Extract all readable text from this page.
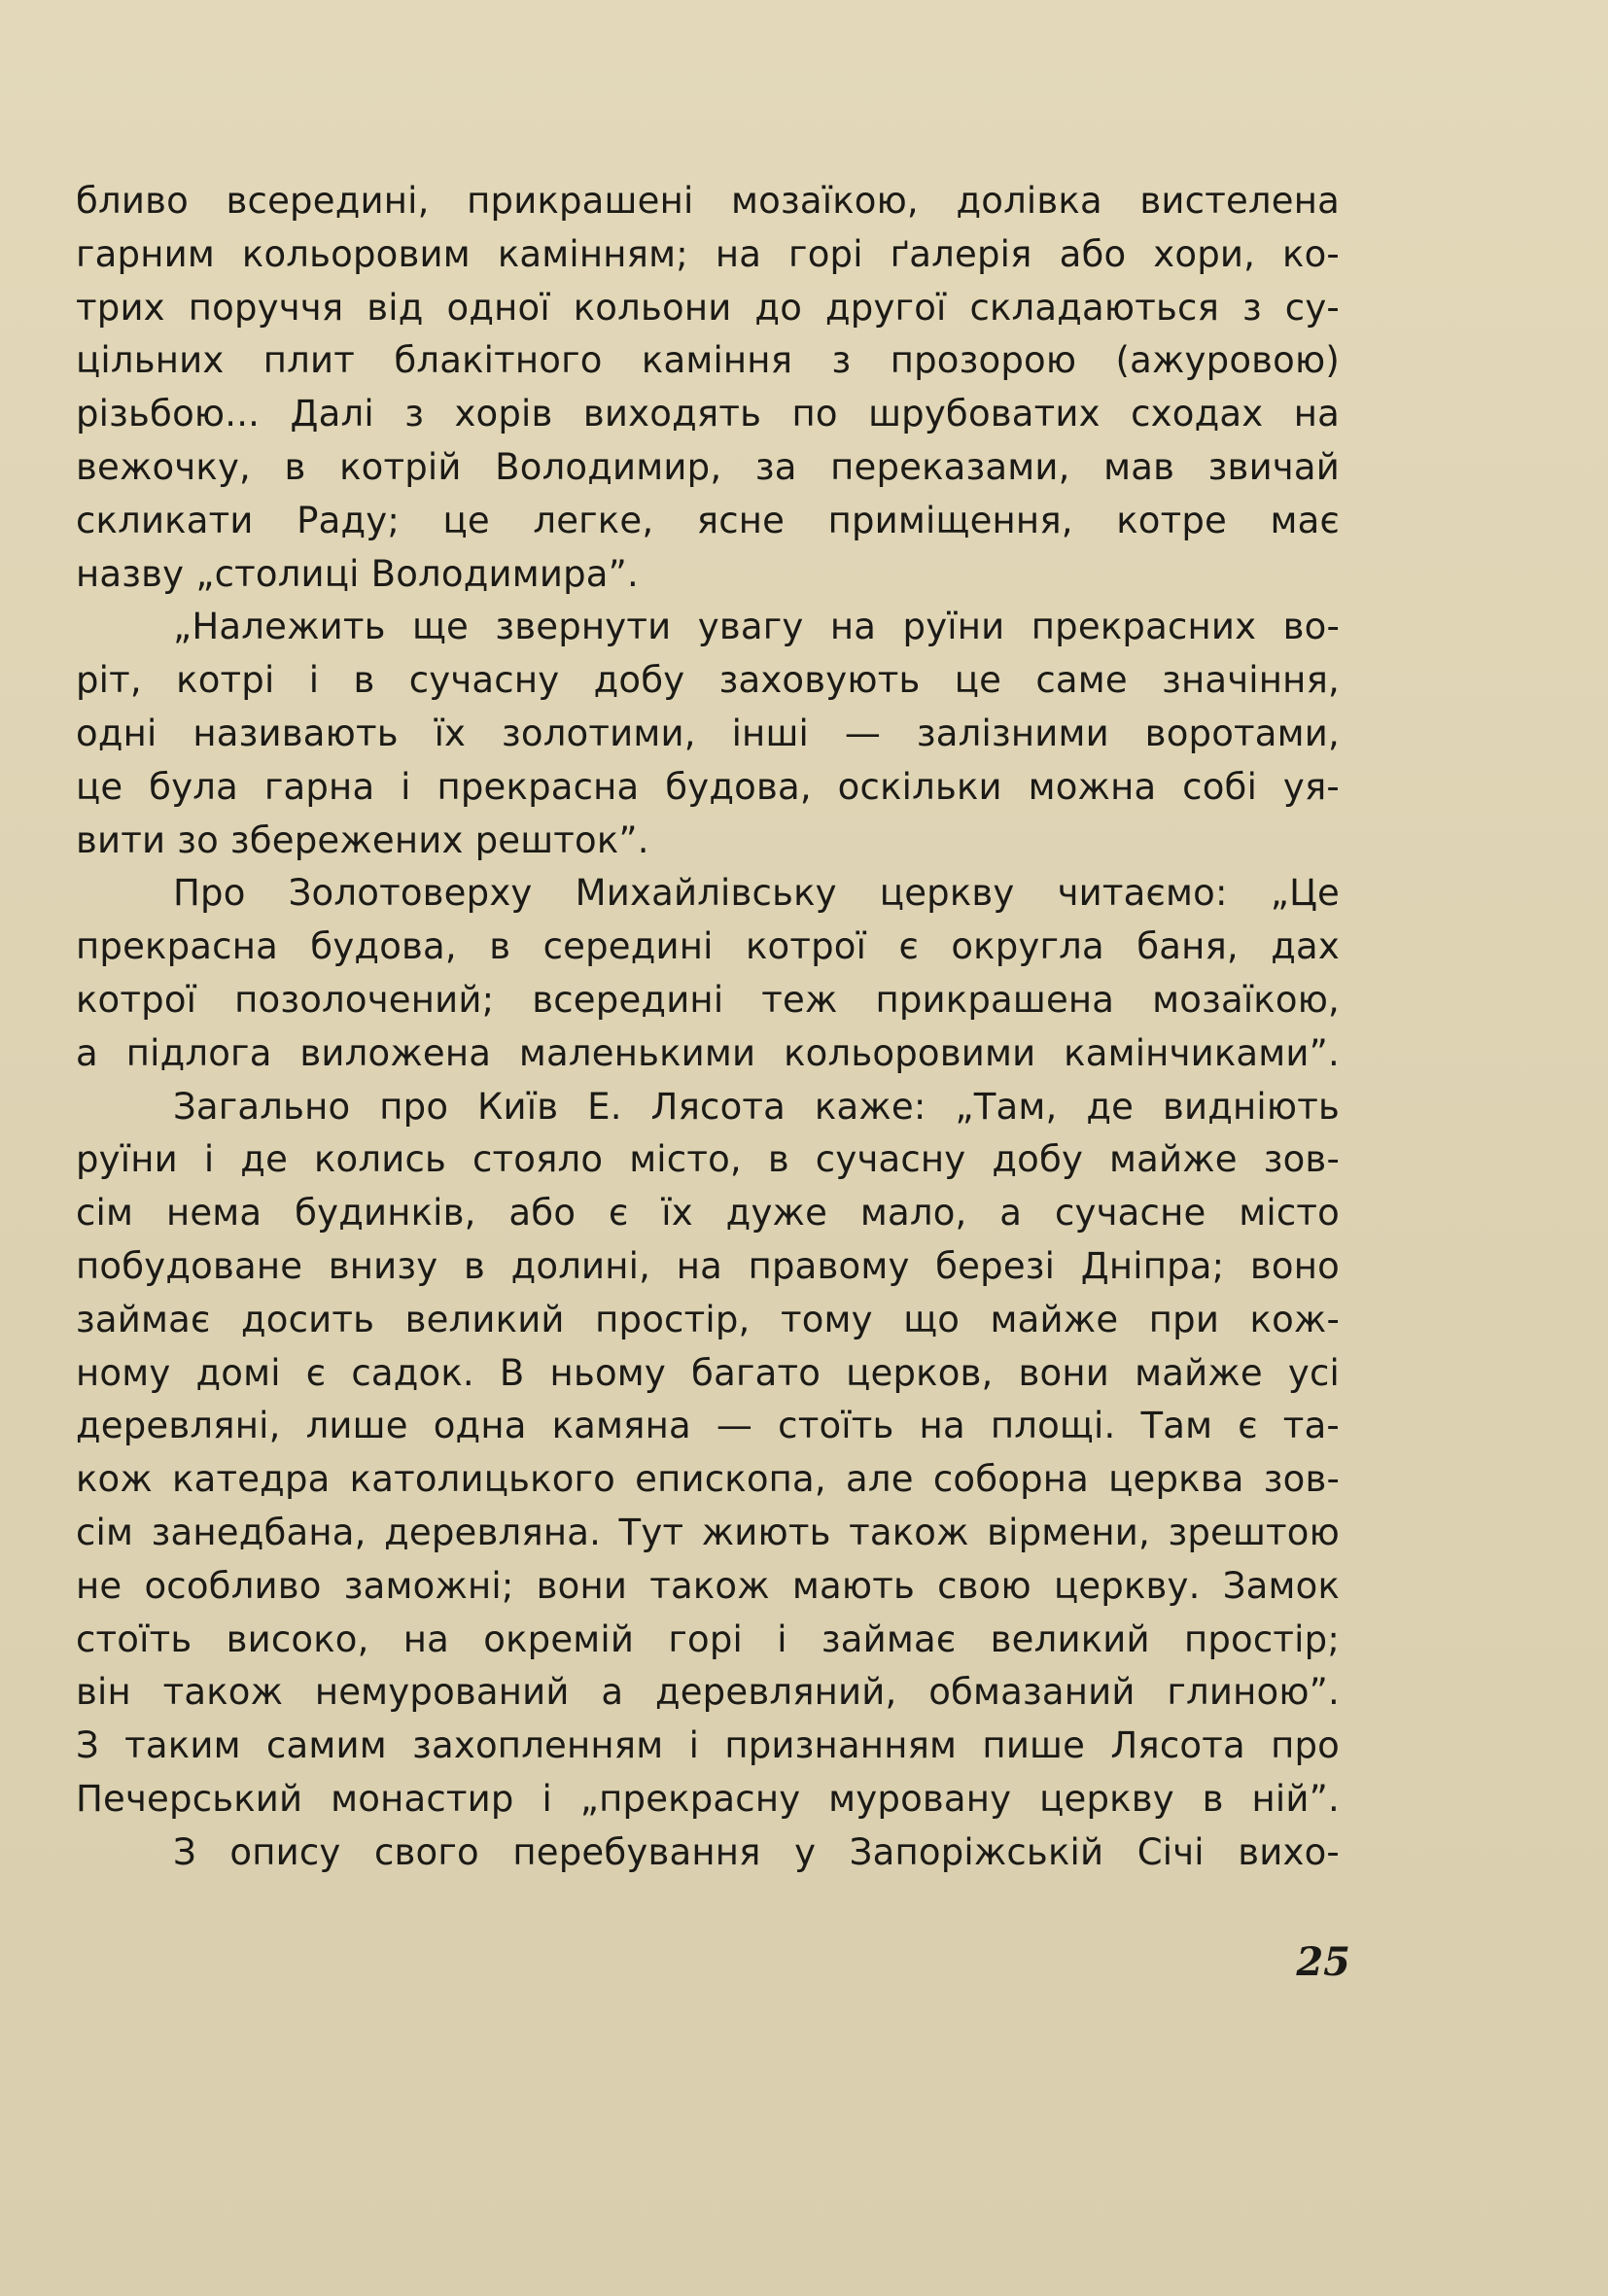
бливо всередині, прикрашені мозаїкою, долівка вистелена
гарним кольоровим камінням; на горі ґалерія або хори, ко-
трих поруччя від одної кольони до другої складаються з су-
цільних плит блакітного каміння з прозорою (ажуровою)
різьбою... Далі з хорів виходять по шрубоватих сходах на
вежочку, в котрій Володимир, за переказами, мав звичай
скликати Раду; це легке, ясне приміщення, котре має
назву „столиці Володимира”.
„Належить ще звернути увагу на руїни прекрасних во-
ріт, котрі і в сучасну добу заховують це саме значіння,
одні називають їх золотими, інші — залізними воротами,
це була гарна і прекрасна будова, оскільки можна собі уя-
вити зо збережених решток”.
Про Золотоверху Михайлівську церкву читаємо: „Це
прекрасна будова, в середині котрої є округла баня, дах
котрої позолочений; всередині теж прикрашена мозаїкою,
а підлога виложена маленькими кольоровими камінчиками”.
Загально про Київ Е. Лясота каже: „Там, де видніють
руїни і де колись стояло місто, в сучасну добу майже зов-
сім нема будинків, або є їх дуже мало, а сучасне місто
побудоване внизу в долині, на правому березі Дніпра; воно
займає досить великий простір, тому що майже при кож-
ному домі є садок. В ньому багато церков, вони майже усі
деревляні, лише одна камяна — стоїть на площі. Там є та-
кож катедра католицького епископа, але соборна церква зов-
сім занедбана, деревляна. Тут жиють також вірмени, зрештою
не особливо заможні; вони також мають свою церкву. Замок
стоїть високо, на окремій горі і займає великий простір;
він також немурований а деревляний, обмазаний глиною”.
З таким самим захопленням і признанням пише Лясота про
Печерський монастир і „прекрасну муровану церкву в ній”.
З опису свого перебування у Запоріжській Січі вихо-
25
